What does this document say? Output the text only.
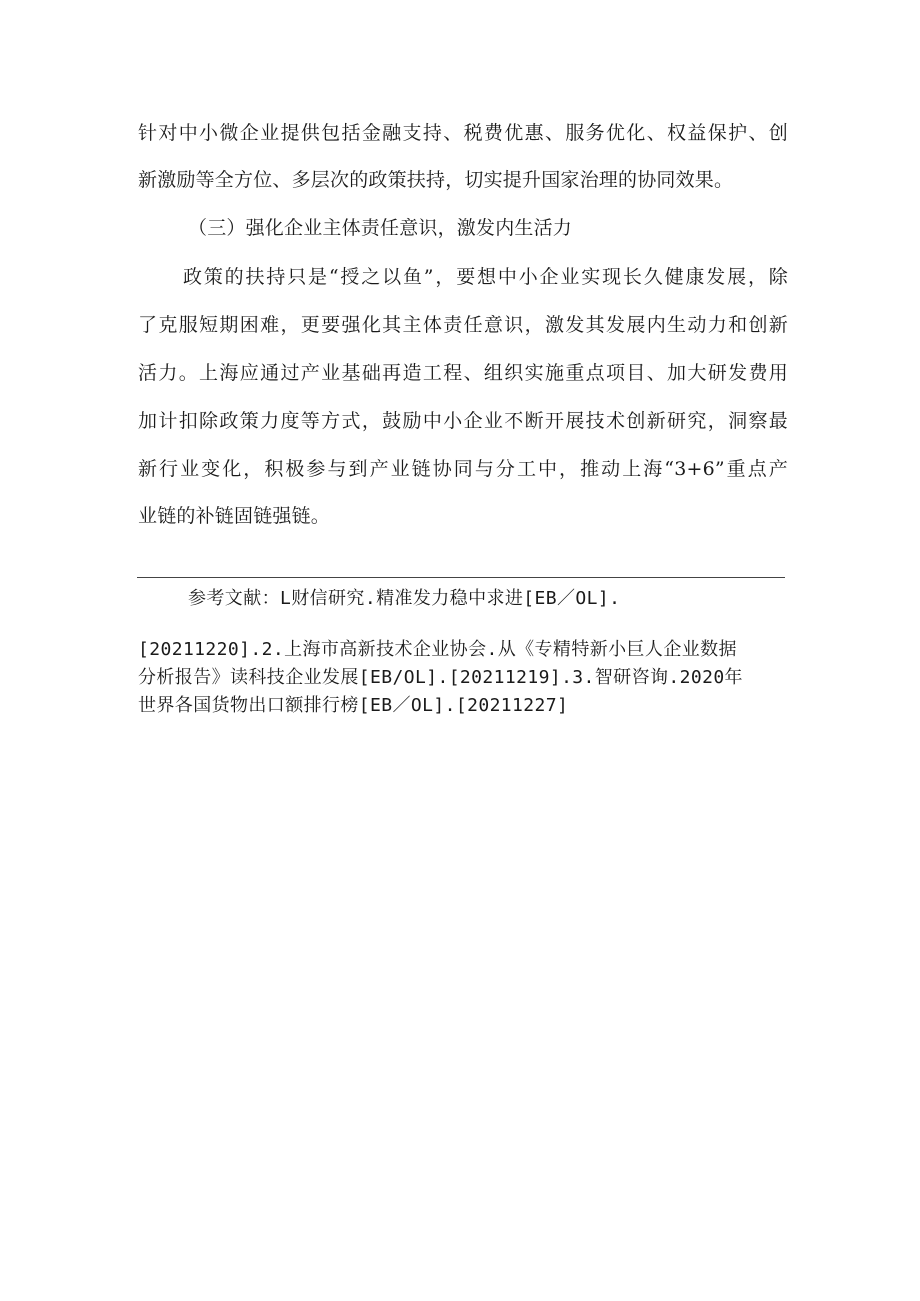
针对中小微企业提供包括金融支持、税费优惠、服务优化、权益保护、创
新激励等全方位、多层次的政策扶持，切实提升国家治理的协同效果。
（三）强化企业主体责任意识，激发内生活力
政策的扶持只是“授之以鱼”，要想中小企业实现长久健康发展，除
了克服短期困难，更要强化其主体责任意识，激发其发展内生动力和创新
活力。上海应通过产业基础再造工程、组织实施重点项目、加大研发费用
加计扣除政策力度等方式，鼓励中小企业不断开展技术创新研究，洞察最
新行业变化，积极参与到产业链协同与分工中，推动上海“3+6”重点产
业链的补链固链强链。
参考文献：L财信研究.精准发力稳中求进[EB／OL].
[20211220].2.上海市高新技术企业协会.从《专精特新小巨人企业数据
分析报告》读科技企业发展[EB/OL].[20211219].3.智研咨询.2020年
世界各国货物出口额排行榜[EB／OL].[20211227]
